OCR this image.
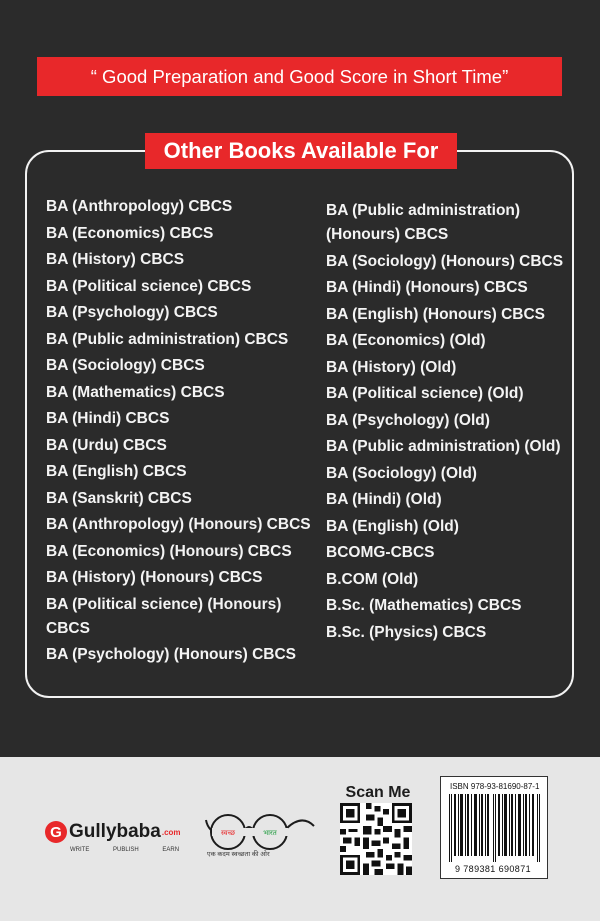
“ Good Preparation and Good Score in Short Time”
Other Books Available For
BA (Anthropology) CBCS
BA (Economics) CBCS
BA (History) CBCS
BA (Political science) CBCS
BA (Psychology) CBCS
BA (Public administration) CBCS
BA (Sociology) CBCS
BA (Mathematics) CBCS
BA (Hindi) CBCS
BA (Urdu) CBCS
BA (English) CBCS
BA (Sanskrit) CBCS
BA (Anthropology) (Honours) CBCS
BA (Economics) (Honours) CBCS
BA (History) (Honours) CBCS
BA (Political science) (Honours) CBCS
BA (Psychology) (Honours) CBCS
BA (Public administration) (Honours) CBCS
BA (Sociology) (Honours) CBCS
BA (Hindi) (Honours) CBCS
BA (English) (Honours) CBCS
BA (Economics) (Old)
BA (History) (Old)
BA (Political science) (Old)
BA (Psychology) (Old)
BA (Public administration) (Old)
BA (Sociology) (Old)
BA (Hindi) (Old)
BA (English) (Old)
BCOMG-CBCS
B.COM (Old)
B.Sc. (Mathematics) CBCS
B.Sc. (Physics) CBCS
G Gullybaba .com
WRITE	PUBLISH	EARN
स्वच्छ	भारत
एक कदम स्वच्छता की ओर
Scan Me	ISBN 978-93-81690-87-1
9 789381 690871
